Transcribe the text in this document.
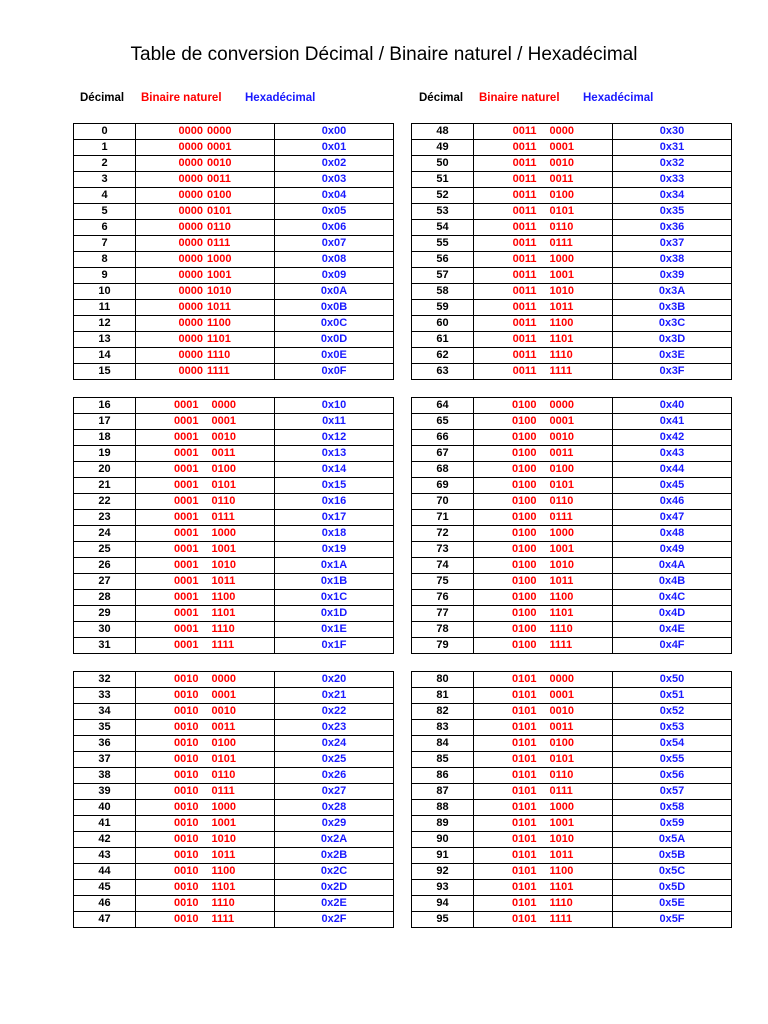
Table de conversion Décimal / Binaire naturel / Hexadécimal
Décimal Binaire naturel Hexadécimal	Décimal Binaire naturel Hexadécimal
0	0000 0000	0x00
1	0000 0001	0x01
2	0000 0010	0x02
3	0000 0011	0x03
4	0000 0100	0x04
5	0000 0101	0x05
6	0000 0110	0x06
7	0000 0111	0x07
8	0000 1000	0x08
9	0000 1001	0x09
10	0000 1010	0x0A
11	0000 1011	0x0B
12	0000 1100	0x0C
13	0000 1101	0x0D
14	0000 1110	0x0E
15	0000 1111	0x0F
48	0011 0000	0x30
49	0011 0001	0x31
50	0011 0010	0x32
51	0011 0011	0x33
52	0011 0100	0x34
53	0011 0101	0x35
54	0011 0110	0x36
55	0011 0111	0x37
56	0011 1000	0x38
57	0011 1001	0x39
58	0011 1010	0x3A
59	0011 1011	0x3B
60	0011 1100	0x3C
61	0011 1101	0x3D
62	0011 1110	0x3E
63	0011 1111	0x3F
16	0001 0000	0x10
17	0001 0001	0x11
18	0001 0010	0x12
19	0001 0011	0x13
20	0001 0100	0x14
21	0001 0101	0x15
22	0001 0110	0x16
23	0001 0111	0x17
24	0001 1000	0x18
25	0001 1001	0x19
26	0001 1010	0x1A
27	0001 1011	0x1B
28	0001 1100	0x1C
29	0001 1101	0x1D
30	0001 1110	0x1E
31	0001 1111	0x1F
64	0100 0000	0x40
65	0100 0001	0x41
66	0100 0010	0x42
67	0100 0011	0x43
68	0100 0100	0x44
69	0100 0101	0x45
70	0100 0110	0x46
71	0100 0111	0x47
72	0100 1000	0x48
73	0100 1001	0x49
74	0100 1010	0x4A
75	0100 1011	0x4B
76	0100 1100	0x4C
77	0100 1101	0x4D
78	0100 1110	0x4E
79	0100 1111	0x4F
32	0010 0000	0x20
33	0010 0001	0x21
34	0010 0010	0x22
35	0010 0011	0x23
36	0010 0100	0x24
37	0010 0101	0x25
38	0010 0110	0x26
39	0010 0111	0x27
40	0010 1000	0x28
41	0010 1001	0x29
42	0010 1010	0x2A
43	0010 1011	0x2B
44	0010 1100	0x2C
45	0010 1101	0x2D
46	0010 1110	0x2E
47	0010 1111	0x2F
80	0101 0000	0x50
81	0101 0001	0x51
82	0101 0010	0x52
83	0101 0011	0x53
84	0101 0100	0x54
85	0101 0101	0x55
86	0101 0110	0x56
87	0101 0111	0x57
88	0101 1000	0x58
89	0101 1001	0x59
90	0101 1010	0x5A
91	0101 1011	0x5B
92	0101 1100	0x5C
93	0101 1101	0x5D
94	0101 1110	0x5E
95	0101 1111	0x5F
